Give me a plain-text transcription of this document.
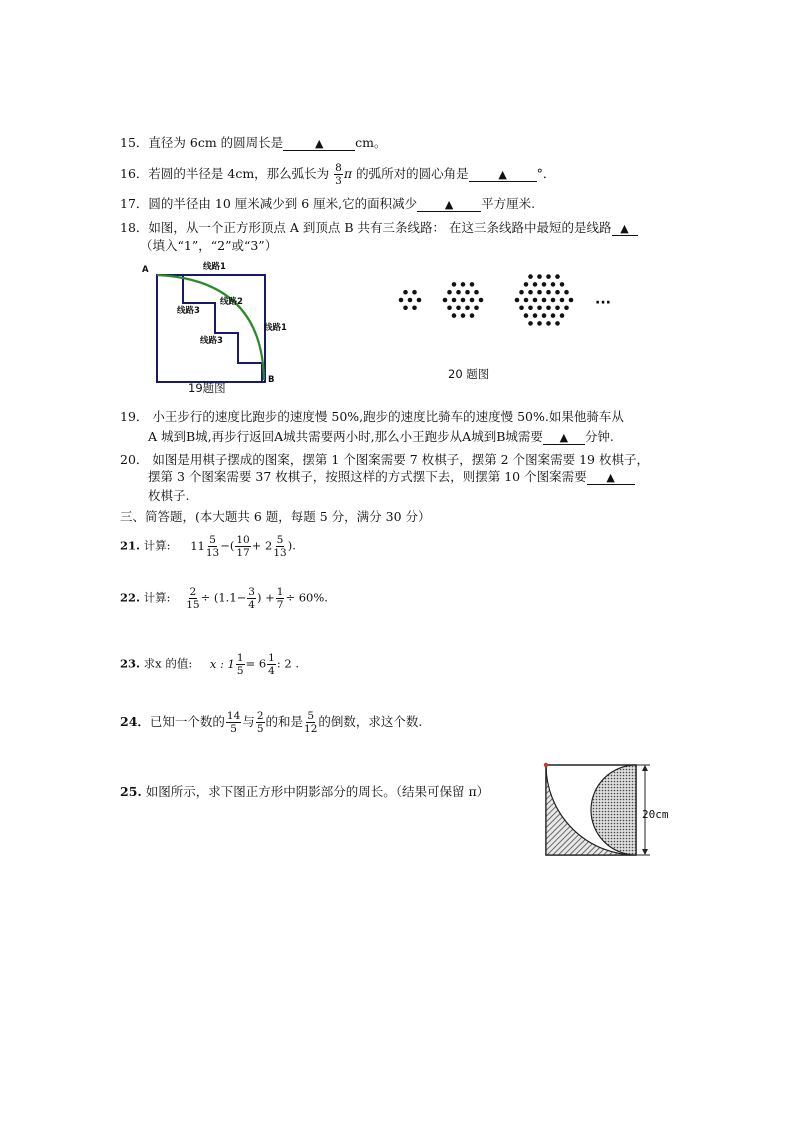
15．直径为 6cm 的圆周长是	▲	cm。
16．若圆的半径是 4cm，那么弧长为 $\frac{8}{3}$ π 的弧所对的圆心角是	▲ °．
17．圆的半径由 10 厘米减少到 6 厘米,它的面积减少	▲ 平方厘米.
18．如图，从一个正方形顶点 A 到顶点 B 共有三条线路： 在这三条线路中最短的是线路 ▲
（填入“1”，“2”或“3”）
A
B
线路1
线路2
线路3
线路3
线路1
19题图
···
20 题图
19． 小王步行的速度比跑步的速度慢 50%,跑步的速度比骑车的速度慢 50%.如果他骑车从
A 城到B城,再步行返回A城共需要两小时,那么小王跑步从A城到B城需要 ▲ 分钟.
20． 如图是用棋子摆成的图案，摆第 1 个图案需要 7 枚棋子，摆第 2 个图案需要 19 枚棋子，
摆第 3 个图案需要 37 枚棋子，按照这样的方式摆下去，则摆第 10 个图案需要 ▲
枚棋子.
三、简答题，(本大题共 6 题，每题 5 分，满分 30 分）
21. 计算: $11 \frac{5}{13}$ −( $\frac{10}{17} + 2 \frac{5}{13}$ ).
22. 计算: $\frac{2}{15} \div (1.1- \frac{3}{4}$ ) + $\frac{1}{7} \div 60\%$.
23. 求x 的值: x : $1 \frac{1}{5} = 6 \frac{1}{4}$ : 2 .
24．已知一个数的 $\frac{14}{5}$ 与 $\frac{2}{5}$ 的和是 $\frac{5}{12}$ 的倒数，求这个数.
25. 如图所示，求下图正方形中阴影部分的周长。（结果可保留 π）
20cm
